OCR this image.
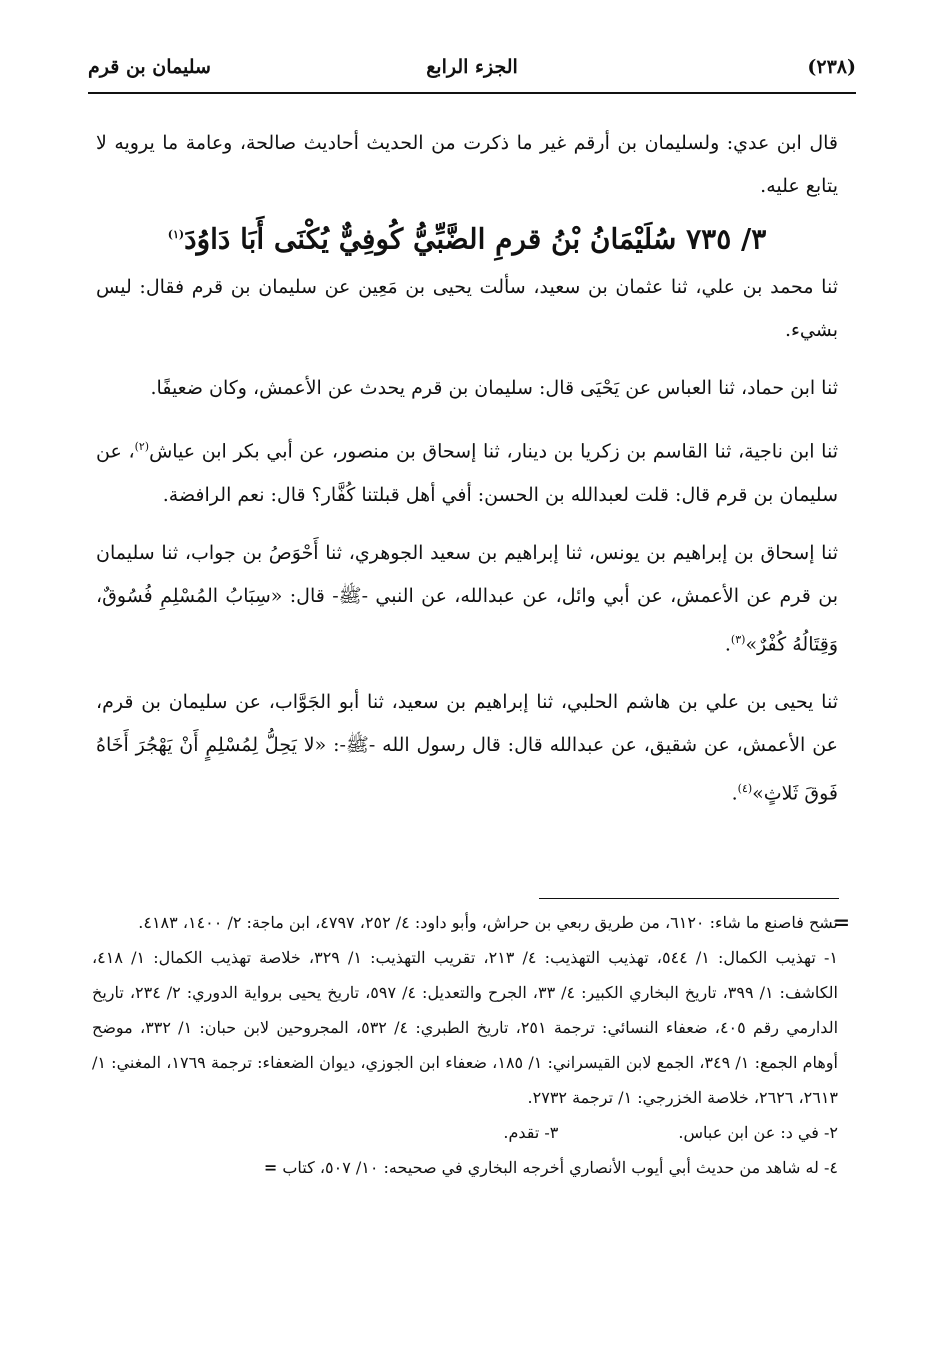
(٢٣٨)
الجزء الرابع
سليمان بن قرم

قال ابن عدي: ولسليمان بن أرقم غير ما ذكرت من الحديث أحاديث صالحة، وعامة ما يرويه لا يتابع عليه.

٣/ ٧٣٥ سُلَيْمَانُ بْنُ قرمِ الضَّبِّيُّ كُوفِيٌّ يُكْنَى أَبَا دَاوُدَ$^{(١)}$

ثنا محمد بن علي، ثنا عثمان بن سعيد، سألت يحيى بن مَعِين عن سليمان بن قرم فقال: ليس بشيء.

ثنا ابن حماد، ثنا العباس عن يَحْيَى قال: سليمان بن قرم يحدث عن الأعمش، وكان ضعيفًا.

ثنا ابن ناجية، ثنا القاسم بن زكريا بن دينار، ثنا إسحاق بن منصور، عن أبي بكر ابن عياش$^{(٢)}$، عن سليمان بن قرم قال: قلت لعبدالله بن الحسن: أفي أهل قبلتنا كُفَّار؟ قال: نعم الرافضة.

ثنا إسحاق بن إبراهيم بن يونس، ثنا إبراهيم بن سعيد الجوهري، ثنا أَحْوَصُ بن جواب، ثنا سليمان بن قرم عن الأعمش، عن أبي وائل، عن عبدالله، عن النبي -ﷺ- قال: «سِبَابُ المُسْلِمِ فُسُوقٌ، وَقِتَالُهُ كُفْرٌ»$^{(٣)}$.

ثنا يحيى بن علي بن هاشم الحلبي، ثنا إبراهيم بن سعيد، ثنا أبو الجَوَّاب، عن سليمان بن قرم، عن الأعمش، عن شقيق، عن عبدالله قال: قال رسول الله -ﷺ-: «لا يَحِلُّ لِمُسْلِمٍ أَنْ يَهْجُرَ أَخَاهُ فَوقَ ثَلاثٍ»$^{(٤)}$.

=

تشح فاصنع ما شاء: ٦١٢٠، من طريق ربعي بن حراش، وأبو داود: ٤/ ٢٥٢، ٤٧٩٧، ابن ماجة: ٢/ ١٤٠٠، ٤١٨٣.

١- تهذيب الكمال: ١/ ٥٤٤، تهذيب التهذيب: ٤/ ٢١٣، تقريب التهذيب: ١/ ٣٢٩، خلاصة تهذيب الكمال: ١/ ٤١٨، الكاشف: ١/ ٣٩٩، تاريخ البخاري الكبير: ٤/ ٣٣، الجرح والتعديل: ٤/ ٥٩٧، تاريخ يحيى برواية الدوري: ٢/ ٢٣٤، تاريخ الدارمي رقم ٤٠٥، ضعفاء النسائي: ترجمة ٢٥١، تاريخ الطبري: ٤/ ٥٣٢، المجروحين لابن حبان: ١/ ٣٣٢، موضح أوهام الجمع: ١/ ٣٤٩، الجمع لابن القيسراني: ١/ ١٨٥، ضعفاء ابن الجوزي، ديوان الضعفاء: ترجمة ١٧٦٩، المغني: ١/ ٢٦١٣، ٢٦٢٦، خلاصة الخزرجي: ١/ ترجمة ٢٧٣٢.

٢- في د: عن ابن عباس.
٣- تقدم.

٤- له شاهد من حديث أبي أيوب الأنصاري أخرجه البخاري في صحيحه: ١٠/ ٥٠٧، كتاب =
